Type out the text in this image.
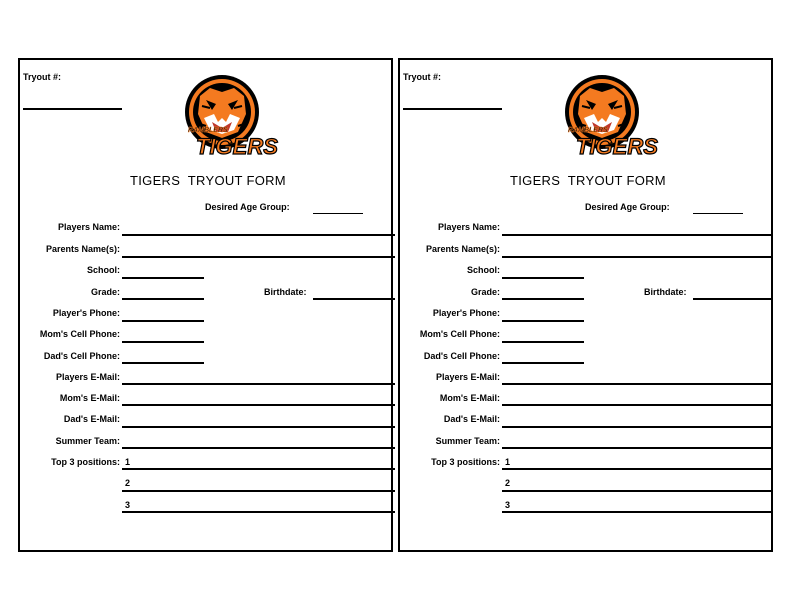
Tryout #:
RAMBLERS
TIGERS
TIGERS  TRYOUT FORM
Desired Age Group:
Players Name:
Parents Name(s):
School:
Grade:	Birthdate:
Player's Phone:
Mom's Cell Phone:
Dad's Cell Phone:
Players E-Mail:
Mom's E-Mail:
Dad's E-Mail:
Summer Team:
Top 3 positions: 1
2
3
Tryout #:
RAMBLERS
TIGERS
TIGERS  TRYOUT FORM
Desired Age Group:
Players Name:
Parents Name(s):
School:
Grade:	Birthdate:
Player's Phone:
Mom's Cell Phone:
Dad's Cell Phone:
Players E-Mail:
Mom's E-Mail:
Dad's E-Mail:
Summer Team:
Top 3 positions: 1
2
3
